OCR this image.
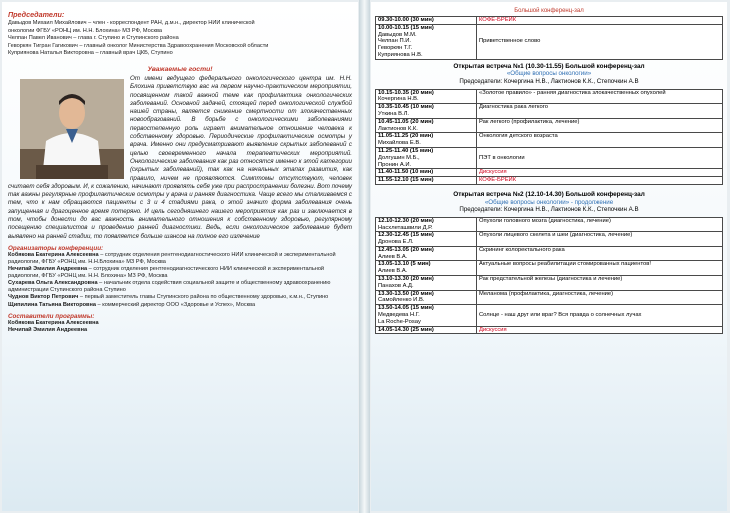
Председатели:
Давыдов Михаил Михайлович – член - корреспондент РАН, д.м.н., директор НИИ клинической
онкологии ФГБУ «РОНЦ им. Н.Н. Блохина» МЗ РФ, Москва
Челпан Павел Иванович – глава г. Ступино и Ступинского района
Геворкян Тигран Гагикович – главный онколог Министерства Здравоохранения Московской области
Куприянова Наталья Викторовна – главный врач ЦКБ, Ступино
Уважаемые гости!
От имени ведущего федерального онкологического центра им. Н.Н. Блохина приветствую вас на первом научно-практическом мероприятии, посвященном такой важной теме как профилактика онкологических заболеваний. Основной задачей, стоящей перед онкологической службой нашей страны, является снижение смертности от злокачественных новообразований. В борьбе с онкологическими заболеваниями первостепенную роль играет внимательное отношение человека к собственному здоровью. Периодические профилактические осмотры у врача. Именно они предусматривают выявление скрытых заболеваний с целью своевременного начала терапевтических мероприятий. Онкологические заболевания как раз относятся именно к этой категории (скрытых заболеваний), так как на начальных этапах развития, как правило, ничем не проявляются. Симптомы отсутствуют, человек считает себя здоровым. И, к сожалению, начинают проявлять себя уже при распространении болезни. Вот почему так важны регулярные профилактические осмотры у врача и ранняя диагностика. Чаще всего мы сталкиваемся с тем, что к нам обращаются пациенты с 3 и 4 стадиями рака, о этой значит форма заболевания очень запущенная и драгоценное время потеряно. И цель сегодняшнего нашего мероприятия как раз и заключается в том, чтобы донести до вас важность внимательного отношения к собственному здоровью, регулярному посещению специалистов и проведению ранней диагностики. Ведь, если онкологическое заболевание будет выявлено на ранней стадии, то появляется больше шансов на полное его излечение
Организаторы конференции:
Кобякова Екатерина Алексеевна – сотрудник отделения рентгенодиагностического НИИ клинической и экспериментальной радиологии, ФГБУ «РОНЦ им. Н.Н.Блохина» МЗ РФ, Москва
Нечипай Эмилия Андреевна – сотрудник отделения рентгенодиагностического НИИ клинической и экспериментальной радиологии, ФГБУ «РОНЦ им. Н.Н. Блохина» МЗ РФ, Москва
Сухарева Ольга Александровна – начальник отдела содействия социальной защите и общественному здравоохранению администрации Ступинского района Ступино
Чуднов Виктор Петрович – первый заместитель главы Ступинского района по общественному здоровью, к.м.н., Ступино
Щипилина Татьяна Викторовна – коммерческий директор ООО «Здоровье и Успех», Москва
Составители программы:
Кобякова Екатерина Алексеевна
Нечипай Эмилия Андреевна
Большой конференц-зал
09.30-10.00 (30 мин)	КОФЕ-БРЕЙК

10.00-10.15 (15 мин)
Давыдов М.М.
Челпан П.И.
Геворкян Т.Г.
Куприянова Н.В.	Приветственное слово
Открытая встреча №1 (10.30-11.55) Большой конференц-зал
«Общие вопросы онкологии»
Председатели: Кочергина Н.В., Лактионов К.К., Степочкин А.В
10.15-10.35 (20 мин)
Кочергина Н.В.	«Золотое правило» - ранняя диагностика злокачественных опухолей

10.35-10.45 (10 мин)
Уткина В.Л.	Диагностика рака легкого

10.45-11.05 (20 мин)
Лактионов К.К.	Рак легкого (профилактика, лечение)

11.05-11.25 (20 мин)
Михайлова Е.В.	Онкология детского возраста

11.25-11.40 (15 мин)
Долгушин М.Б.,
Пронин А.И.	ПЭТ в онкологии

11.40-11.50 (10 мин)	Дискуссия

11.55-12.10 (15 мин)	КОФЕ-БРЕЙК
Открытая встреча №2 (12.10-14.30) Большой конференц-зал
«Общие вопросы онкологии» - продолжение
Председатели: Кочергина Н.В., Лактионов К.К., Степочкин А.В
12.10-12.30 (20 мин)
Насхлеташвили Д.Р.	Опухоли головного мозга (диагностика, лечение)

12.30-12.45 (15 мин)
Дронова Е.Л.	Опухоли лицевого скелета и шеи (диагностика, лечение)

12.45-13.05 (20 мин)
Алиев В.А.	Скрининг колоректального рака

13.05-13.10 (5 мин)
Алиев В.А.	Актуальные вопросы реабилитации стомированных пациентов!

13.10-13.30 (20 мин)
Панахов А.Д.	Рак предстательной железы (диагностика и лечение)

13.30-13.50 (20 мин)
Самойленко И.В.	Меланома (профилактика, диагностика, лечение)

13.50-14.05 (15 мин)
Медведева Н.Г.
La Roche-Posay	Солнце - наш друг или враг? Вся правда о солнечных лучах

14.05-14.30 (25 мин)	Дискуссия
